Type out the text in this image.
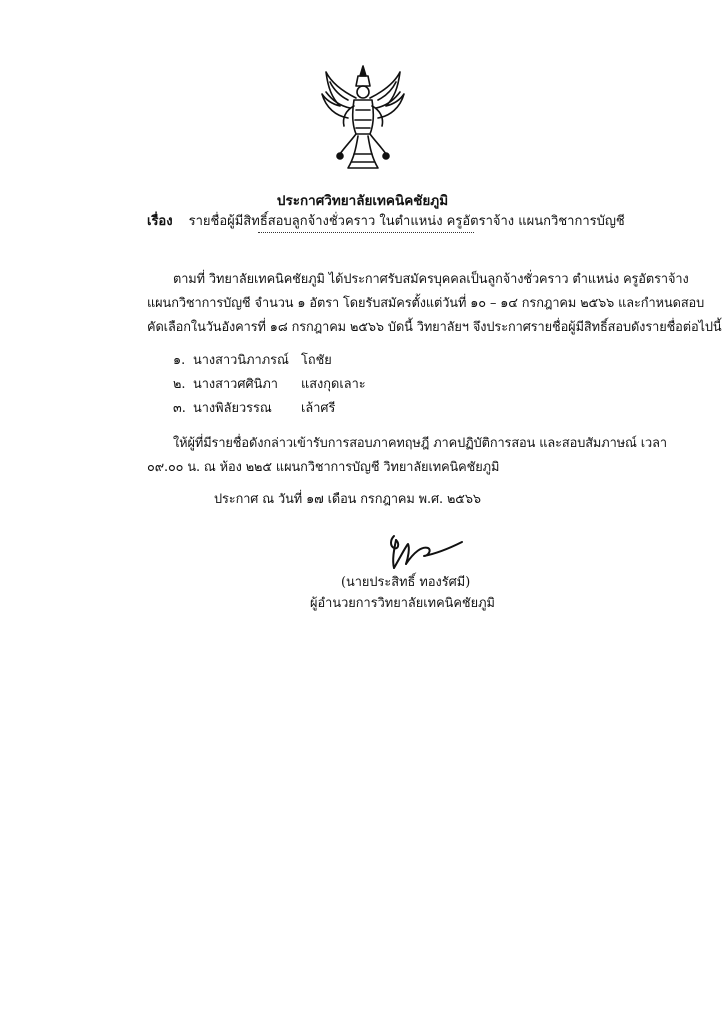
ประกาศวิทยาลัยเทคนิคชัยภูมิ
เรื่อง รายชื่อผู้มีสิทธิ์สอบลูกจ้างชั่วคราว ในตำแหน่ง ครูอัตราจ้าง แผนกวิชาการบัญชี
ตามที่ วิทยาลัยเทคนิคชัยภูมิ ได้ประกาศรับสมัครบุคคลเป็นลูกจ้างชั่วคราว ตำแหน่ง ครูอัตราจ้าง
แผนกวิชาการบัญชี จำนวน ๑ อัตรา โดยรับสมัครตั้งแต่วันที่ ๑๐ – ๑๔ กรกฎาคม ๒๕๖๖ และกำหนดสอบ
คัดเลือกในวันอังคารที่ ๑๘ กรกฎาคม ๒๕๖๖ บัดนี้ วิทยาลัยฯ จึงประกาศรายชื่อผู้มีสิทธิ์สอบดังรายชื่อต่อไปนี้
๑. นางสาวนิภาภรณ์ โถชัย
๒. นางสาวศศินิภา แสงกุดเลาะ
๓. นางพิลัยวรรณ เล้าศรี
ให้ผู้ที่มีรายชื่อดังกล่าวเข้ารับการสอบภาคทฤษฎี ภาคปฏิบัติการสอน และสอบสัมภาษณ์ เวลา
๐๙.๐๐ น. ณ ห้อง ๒๒๕ แผนกวิชาการบัญชี วิทยาลัยเทคนิคชัยภูมิ
ประกาศ ณ วันที่ ๑๗ เดือน กรกฎาคม พ.ศ. ๒๕๖๖
(นายประสิทธิ์ ทองรัศมี)
ผู้อำนวยการวิทยาลัยเทคนิคชัยภูมิ
